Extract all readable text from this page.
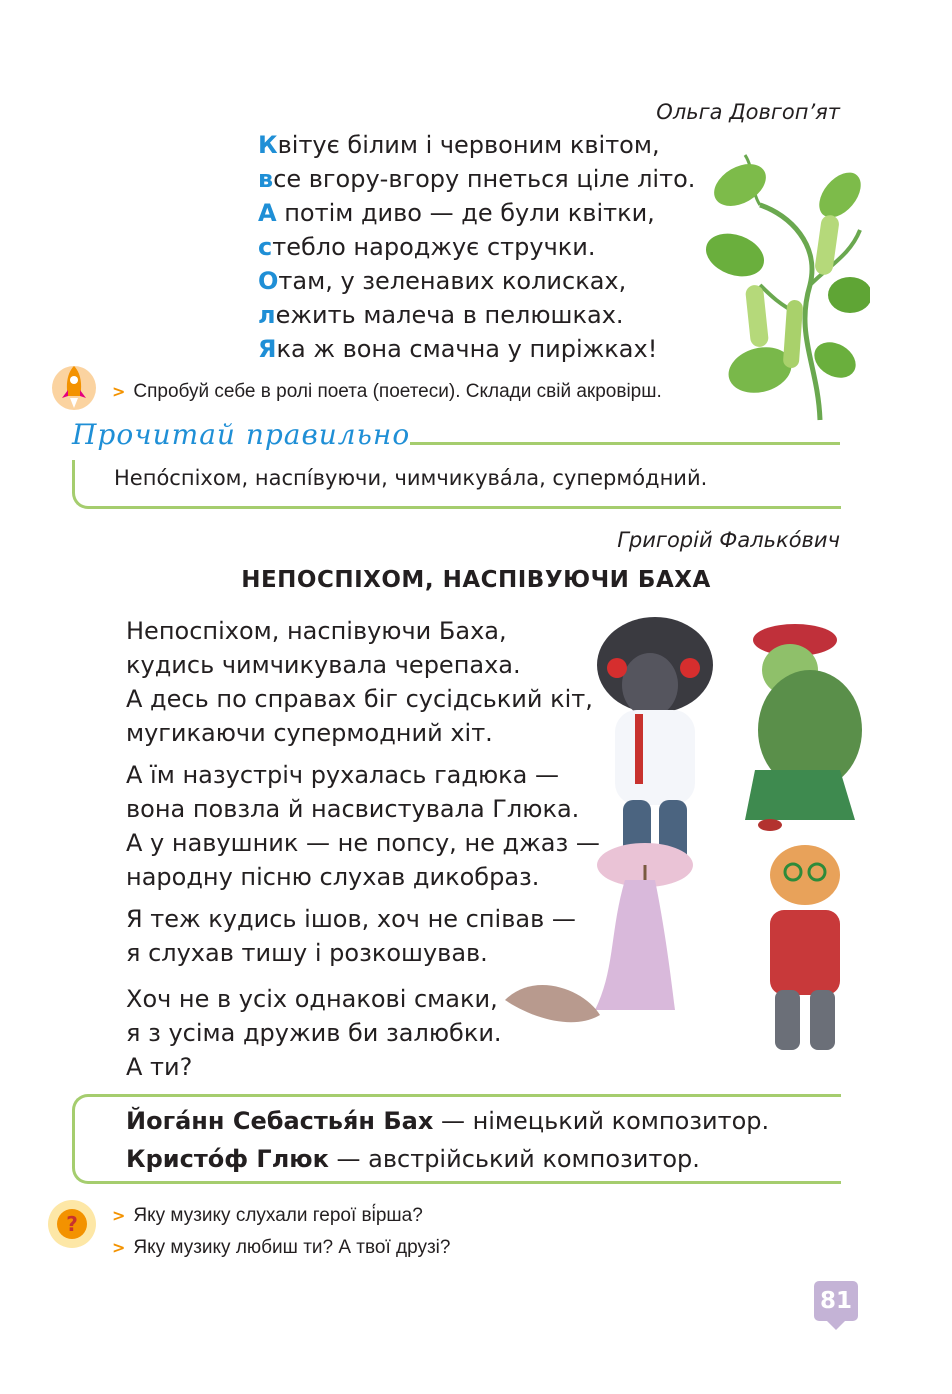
Ольга Довгоп’ят
Квітує білим і червоним квітом,
все вгору-вгору пнеться ціле літо.
А потім диво — де були квітки,
стебло народжує стручки.
Отам, у зеленавих колисках,
лежить малеча в пелюшках.
Яка ж вона смачна у пиріжках!
> Спробуй себе в ролі поета (поетеси). Склади свій акровірш.
Прочитай правильно
Непо́спіхом, наспі́вуючи, чимчикува́ла, супермо́дний.
Григорій Фалько́вич
НЕПОСПІХОМ, НАСПІВУЮЧИ БАХА
Непоспіхом, наспівуючи Баха,
кудись чимчикувала черепаха.
А десь по справах біг сусідський кіт,
мугикаючи супермодний хіт.
А їм назустріч рухалась гадюка —
вона повзла й насвистувала Глюка.
А у навушник — не попсу, не джаз —
народну пісню слухав дикобраз.
Я теж кудись ішов, хоч не співав —
я слухав тишу і розкошував.
Хоч не в усіх однакові смаки,
я з усіма дружив би залюбки.
А ти?
Йога́нн Себастья́н Бах — німецький композитор.
Кристо́ф Глюк — австрійський композитор.
? > Яку музику слухали герої ві́рша?
> Яку музику любиш ти? А твої друзі?
81
